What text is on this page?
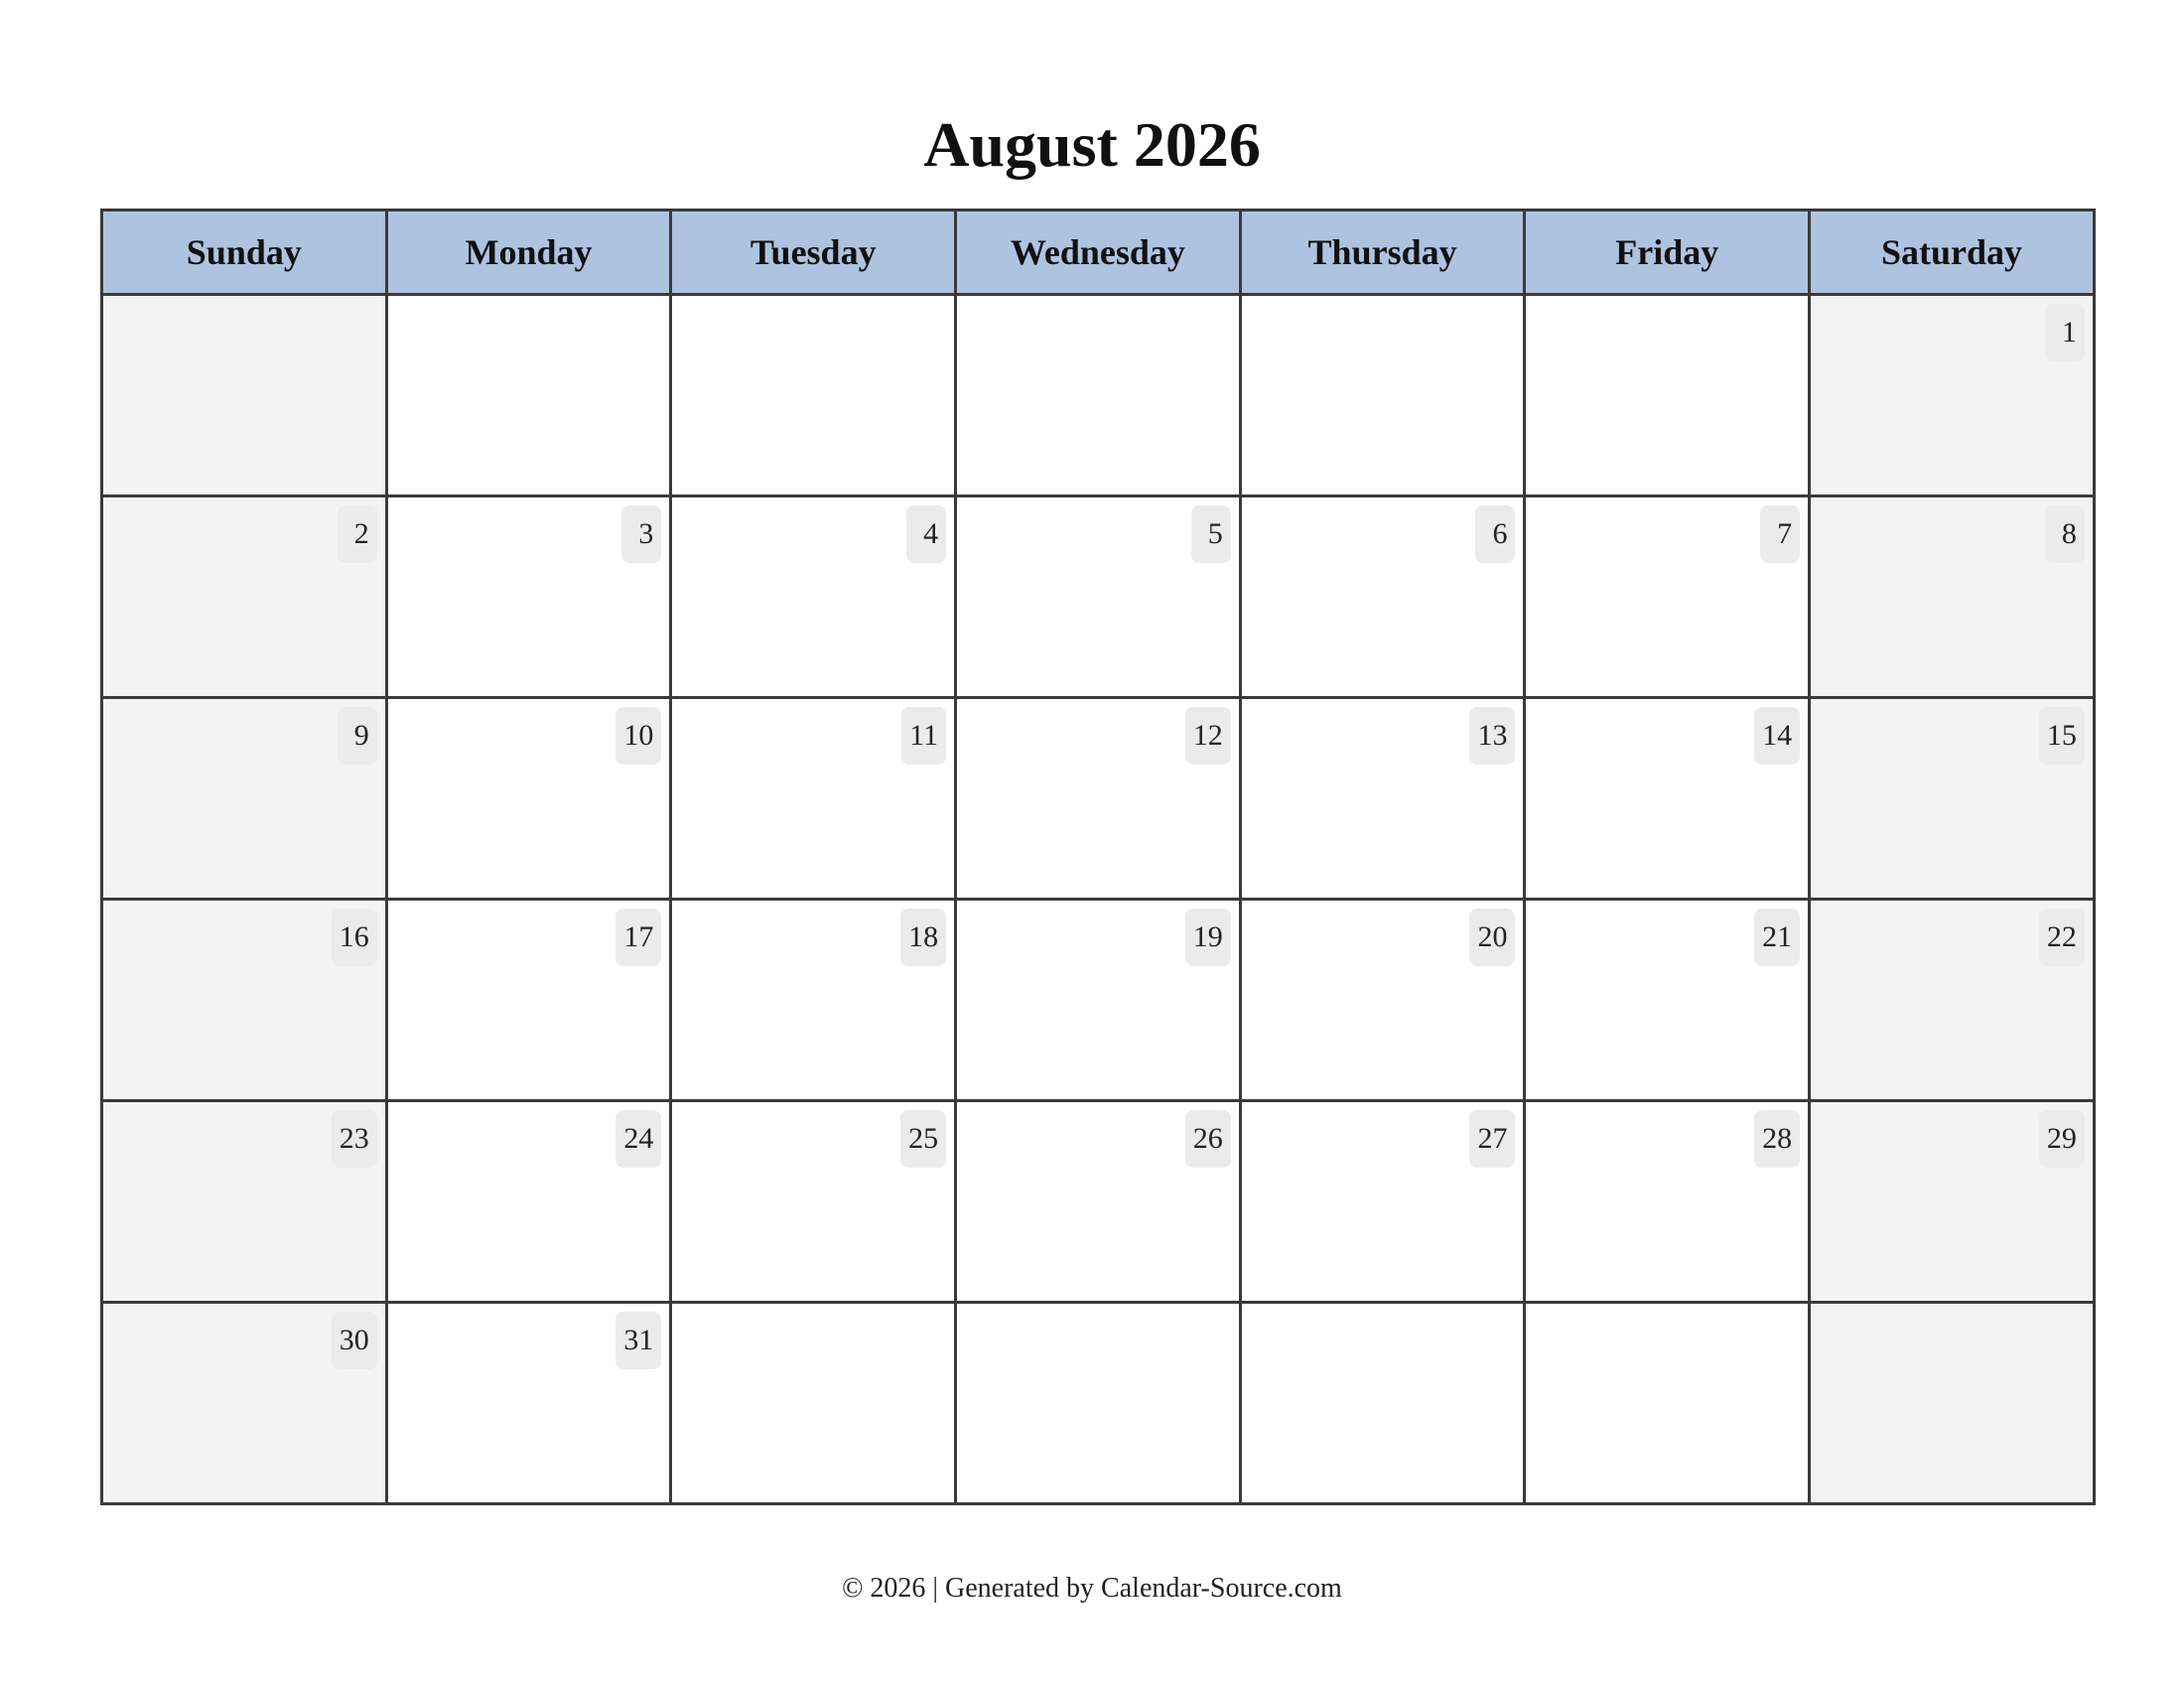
August 2026
Sunday	Monday	Tuesday	Wednesday	Thursday	Friday	Saturday

						1

2	3	4	5	6	7	8

9	10	11	12	13	14	15

16	17	18	19	20	21	22

23	24	25	26	27	28	29

30	31					

© 2026 | Generated by Calendar-Source.com
